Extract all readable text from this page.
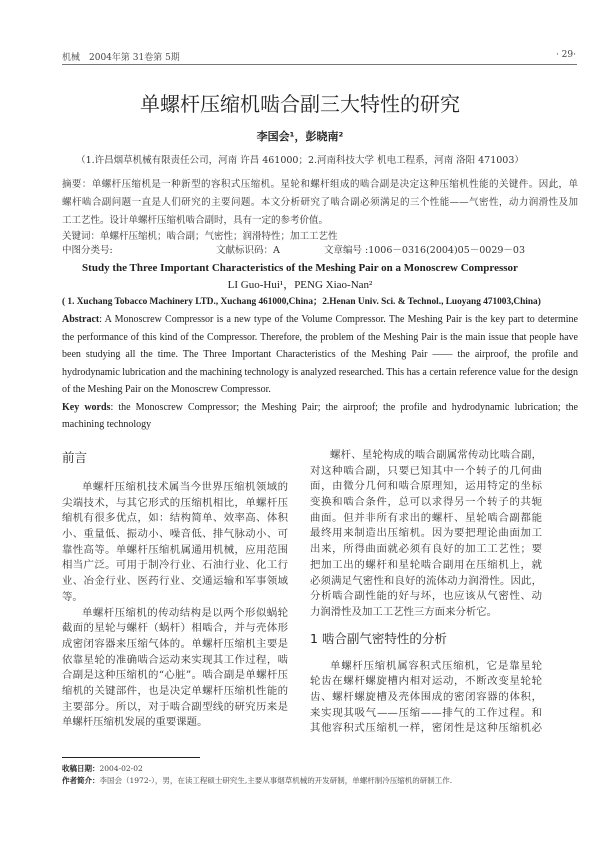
机械　2004年第 31卷第 5期	· 29·
单螺杆压缩机啮合副三大特性的研究
李国会¹，彭晓南²
（1.许昌烟草机械有限责任公司，河南 许昌 461000；2.河南科技大学 机电工程系，河南 洛阳 471003）
摘要：单螺杆压缩机是一种新型的容积式压缩机。星轮和螺杆组成的啮合副是决定这种压缩机性能的关键件。因此，单
螺杆啮合副问题一直是人们研究的主要问题。本文分析研究了啮合副必须满足的三个性能——气密性，动力润滑性及加
工工艺性。设计单螺杆压缩机啮合副时，具有一定的参考价值。
关键词：单螺杆压缩机；啮合副；气密性；润滑特性；加工工艺性
中图分类号:	文献标识码：A	文章编号 :1006－0316(2004)05－0029－03
Study the Three Important Characteristics of the Meshing Pair on a Monoscrew Compressor
LI Guo-Hui¹，PENG Xiao-Nan²
( 1. Xuchang Tobacco Machinery LTD., Xuchang 461000,China；2.Henan Univ. Sci. & Technol., Luoyang 471003,China)
Abstract: A Monoscrew Compressor is a new type of the Volume Compressor. The Meshing Pair is the key part to determine
the performance of this kind of the Compressor. Therefore, the problem of the Meshing Pair is the main issue that people have
been studying all the time. The Three Important Characteristics of the Meshing Pair —— the airproof, the profile and
hydrodynamic lubrication and the machining technology is analyzed researched. This has a certain reference value for the design
of the Meshing Pair on the Monoscrew Compressor.
Key words: the Monoscrew Compressor; the Meshing Pair; the airproof; the profile and hydrodynamic lubrication; the
machining technology
前言
单螺杆压缩机技术属当今世界压缩机领域的
尖端技术，与其它形式的压缩机相比，单螺杆压
缩机有很多优点，如：结构简单、效率高、体积
小、重量低、振动小、噪音低、排气脉动小、可
靠性高等。单螺杆压缩机属通用机械，应用范围
相当广泛。可用于制冷行业、石油行业、化工行
业、冶金行业、医药行业、交通运输和军事领域
等。
单螺杆压缩机的传动结构是以两个形似蜗轮
截面的星轮与螺杆（蜗杆）相啮合，并与壳体形
成密闭容器来压缩气体的。单螺杆压缩机主要是
依靠星轮的准确啮合运动来实现其工作过程，啮
合副是这种压缩机的“心脏”。啮合副是单螺杆压
缩机的关键部件，也是决定单螺杆压缩机性能的
主要部分。所以，对于啮合副型线的研究历来是
单螺杆压缩机发展的重要课题。
螺杆、星轮构成的啮合副属常传动比啮合副，
对这种啮合副，只要已知其中一个转子的几何曲
面，由微分几何和啮合原理知，运用特定的坐标
变换和啮合条件，总可以求得另一个转子的共轭
曲面。但并非所有求出的螺杆、星轮啮合副都能
最终用来制造出压缩机。因为要把理论曲面加工
出来，所得曲面就必须有良好的加工工艺性；要
把加工出的螺杆和星轮啮合副用在压缩机上，就
必须满足气密性和良好的流体动力润滑性。因此，
分析啮合副性能的好与坏，也应该从气密性、动
力润滑性及加工工艺性三方面来分析它。
1 啮合副气密特性的分析
单螺杆压缩机属容积式压缩机，它是靠星轮
轮齿在螺杆螺旋槽内相对运动，不断改变星轮轮
齿、螺杆螺旋槽及壳体围成的密闭容器的体积，
来实现其吸气——压缩——排气的工作过程。和
其他容积式压缩机一样，密闭性是这种压缩机必
收稿日期：2004-02-02
作者简介：李国会（1972-），男，在读工程硕士研究生,主要从事烟草机械的开发研制，单螺杆制冷压缩机的研制工作.
